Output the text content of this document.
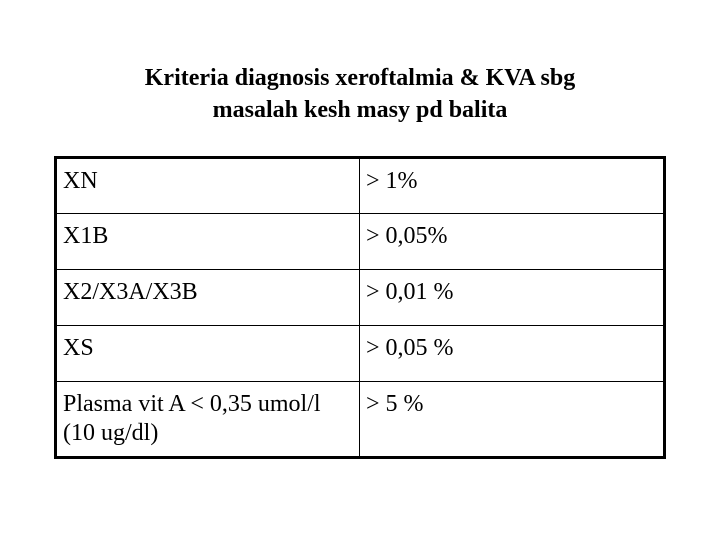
Kriteria diagnosis xeroftalmia & KVA sbg
masalah kesh masy pd balita
XN	> 1%
X1B	> 0,05%
X2/X3A/X3B	> 0,01 %
XS	> 0,05 %
Plasma vit A < 0,35 umol/l (10 ug/dl)	> 5 %
